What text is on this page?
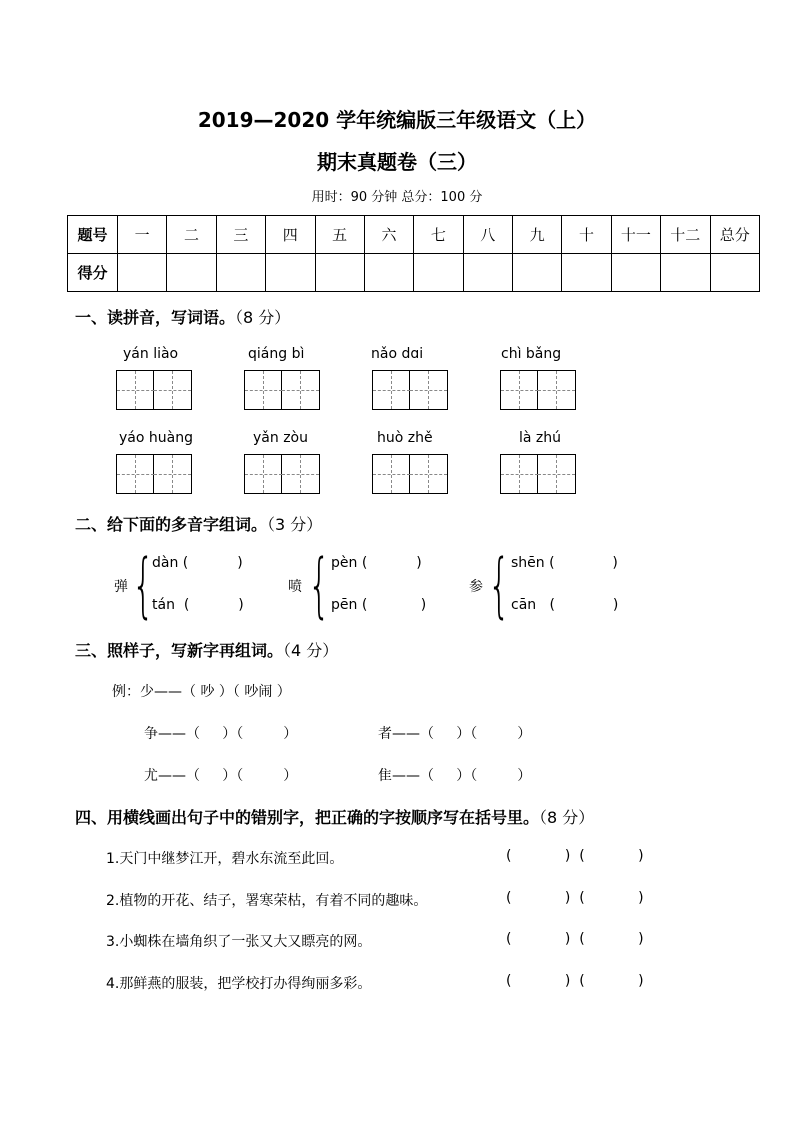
2019—2020 学年统编版三年级语文（上）
期末真题卷（三）
用时：90 分钟 总分：100 分
题号	一	二	三	四	五	六	七	八	九	十	十一	十二	总分
得分													
一、读拼音，写词语。（8 分）
yán liào	qiáng bì	nǎo dɑi	chì bǎng
yáo huàng	yǎn zòu	huò zhě	là zhú
二、给下面的多音字组词。（3 分）
弹 {
dàn (           )
tán  (           )
喷 { pèn (           )
pēn (            )
参 { shēn (             )
cān   (             )
三、照样子，写新字再组词。（4 分）
例：少——（ 吵 ）（ 吵闹 ）
争——（     ）（         ）	者——（     ）（         ）
尤——（     ）（         ）	隹——（     ）（         ）
四、用横线画出句子中的错别字，把正确的字按顺序写在括号里。（8 分）
1.天门中继梦江开，碧水东流至此回。	(            )  (            )
2.植物的开花、结子，署寒荣枯，有着不同的趣味。	(            )  (            )
3.小蜘株在墙角织了一张又大又瞟亮的网。	(            )  (            )
4.那鲜燕的服装，把学校打办得绚丽多彩。	(            )  (            )
